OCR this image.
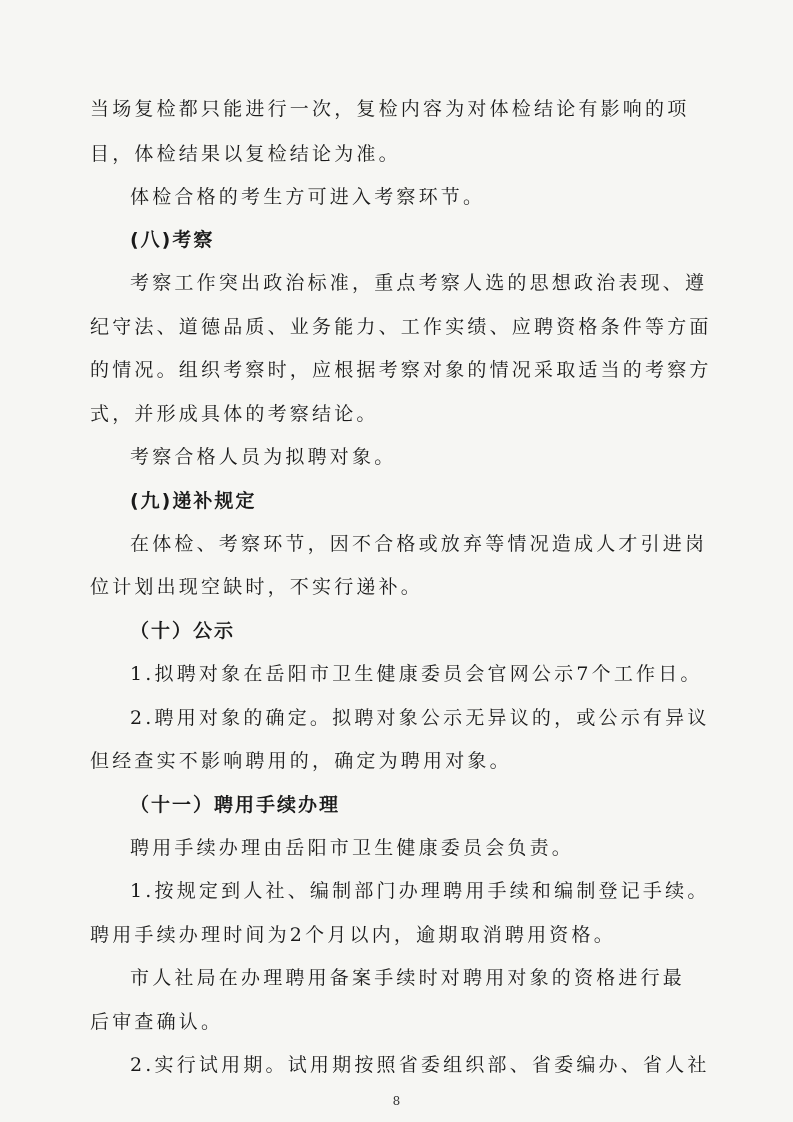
当场复检都只能进行一次，复检内容为对体检结论有影响的项
目，体检结果以复检结论为准。
体检合格的考生方可进入考察环节。
(八)考察
考察工作突出政治标准，重点考察人选的思想政治表现、遵
纪守法、道德品质、业务能力、工作实绩、应聘资格条件等方面
的情况。组织考察时，应根据考察对象的情况采取适当的考察方
式，并形成具体的考察结论。
考察合格人员为拟聘对象。
(九)递补规定
在体检、考察环节，因不合格或放弃等情况造成人才引进岗
位计划出现空缺时，不实行递补。
（十）公示
1.拟聘对象在岳阳市卫生健康委员会官网公示7个工作日。
2.聘用对象的确定。拟聘对象公示无异议的，或公示有异议
但经查实不影响聘用的，确定为聘用对象。
（十一）聘用手续办理
聘用手续办理由岳阳市卫生健康委员会负责。
1.按规定到人社、编制部门办理聘用手续和编制登记手续。
聘用手续办理时间为2个月以内，逾期取消聘用资格。
市人社局在办理聘用备案手续时对聘用对象的资格进行最
后审查确认。
2.实行试用期。试用期按照省委组织部、省委编办、省人社
8
